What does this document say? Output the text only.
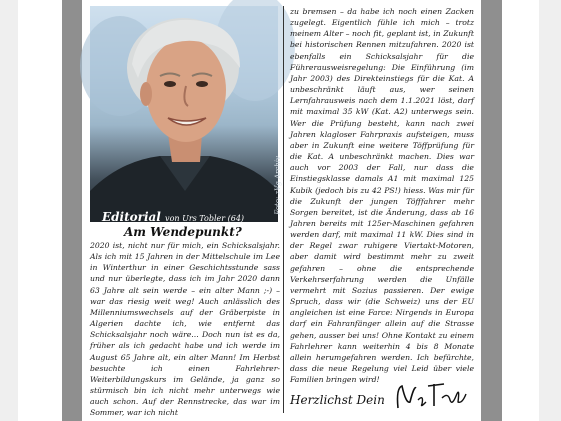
Foto: zVg Archiv
Editorial von Urs Tobler (64)
Am Wendepunkt?
2020 ist, nicht nur für mich, ein Schicksalsjahr. Als ich mit 15 Jahren in der Mittelschule im Lee in Winterthur in einer Geschichtsstunde sass und nur überlegte, dass ich im Jahr 2020 dann 63 Jahre alt sein werde – ein alter Mann ;-) – war das riesig weit weg! Auch anlässlich des Millenniumswechsels auf der Gräberpiste in Algerien dachte ich, wie entfernt das Schicksalsjahr noch wäre... Doch nun ist es da, früher als ich gedacht habe und ich werde im August 65 Jahre alt, ein alter Mann! Im Herbst besuchte ich einen Fahrlehrer-Weiterbildungskurs im Gelände, ja ganz so stürmisch bin ich nicht mehr unterwegs wie auch schon. Auf der Rennstrecke, das war im Sommer, war ich nicht
zu bremsen – da habe ich noch einen Zacken zugelegt. Eigentlich fühle ich mich – trotz meinem Alter – noch fit, geplant ist, in Zukunft bei historischen Rennen mitzufahren. 2020 ist ebenfalls ein Schicksalsjahr für die Führerausweisregelung: Die Einführung (im Jahr 2003) des Direkteinstiegs für die Kat. A unbeschränkt läuft aus, wer seinen Lernfahrausweis nach dem 1.1.2021 löst, darf mit maximal 35 kW (Kat. A2) unterwegs sein. Wer die Prüfung besteht, kann nach zwei Jahren klagloser Fahrpraxis aufsteigen, muss aber in Zukunft eine weitere Töffprüfung für die Kat. A unbeschränkt machen. Dies war auch vor 2003 der Fall, nur dass die Einstiegsklasse damals A1 mit maximal 125 Kubik (jedoch bis zu 42 PS!) hiess. Was mir für die Zukunft der jungen Töfffahrer mehr Sorgen bereitet, ist die Änderung, dass ab 16 Jahren bereits mit 125er-Maschinen gefahren werden darf, mit maximal 11 kW. Dies sind in der Regel zwar ruhigere Viertakt-Motoren, aber damit wird bestimmt mehr zu zweit gefahren – ohne die entsprechende Verkehrserfahrung werden die Unfälle vermehrt mit Sozius passieren. Der ewige Spruch, dass wir (die Schweiz) uns der EU angleichen ist eine Farce: Nirgends in Europa darf ein Fahranfänger allein auf die Strasse gehen, ausser bei uns! Ohne Kontakt zu einem Fahrlehrer kann weiterhin 4 bis 8 Monate allein herumgefahren werden. Ich befürchte, dass die neue Regelung viel Leid über viele Familien bringen wird!
Herzlichst Dein
